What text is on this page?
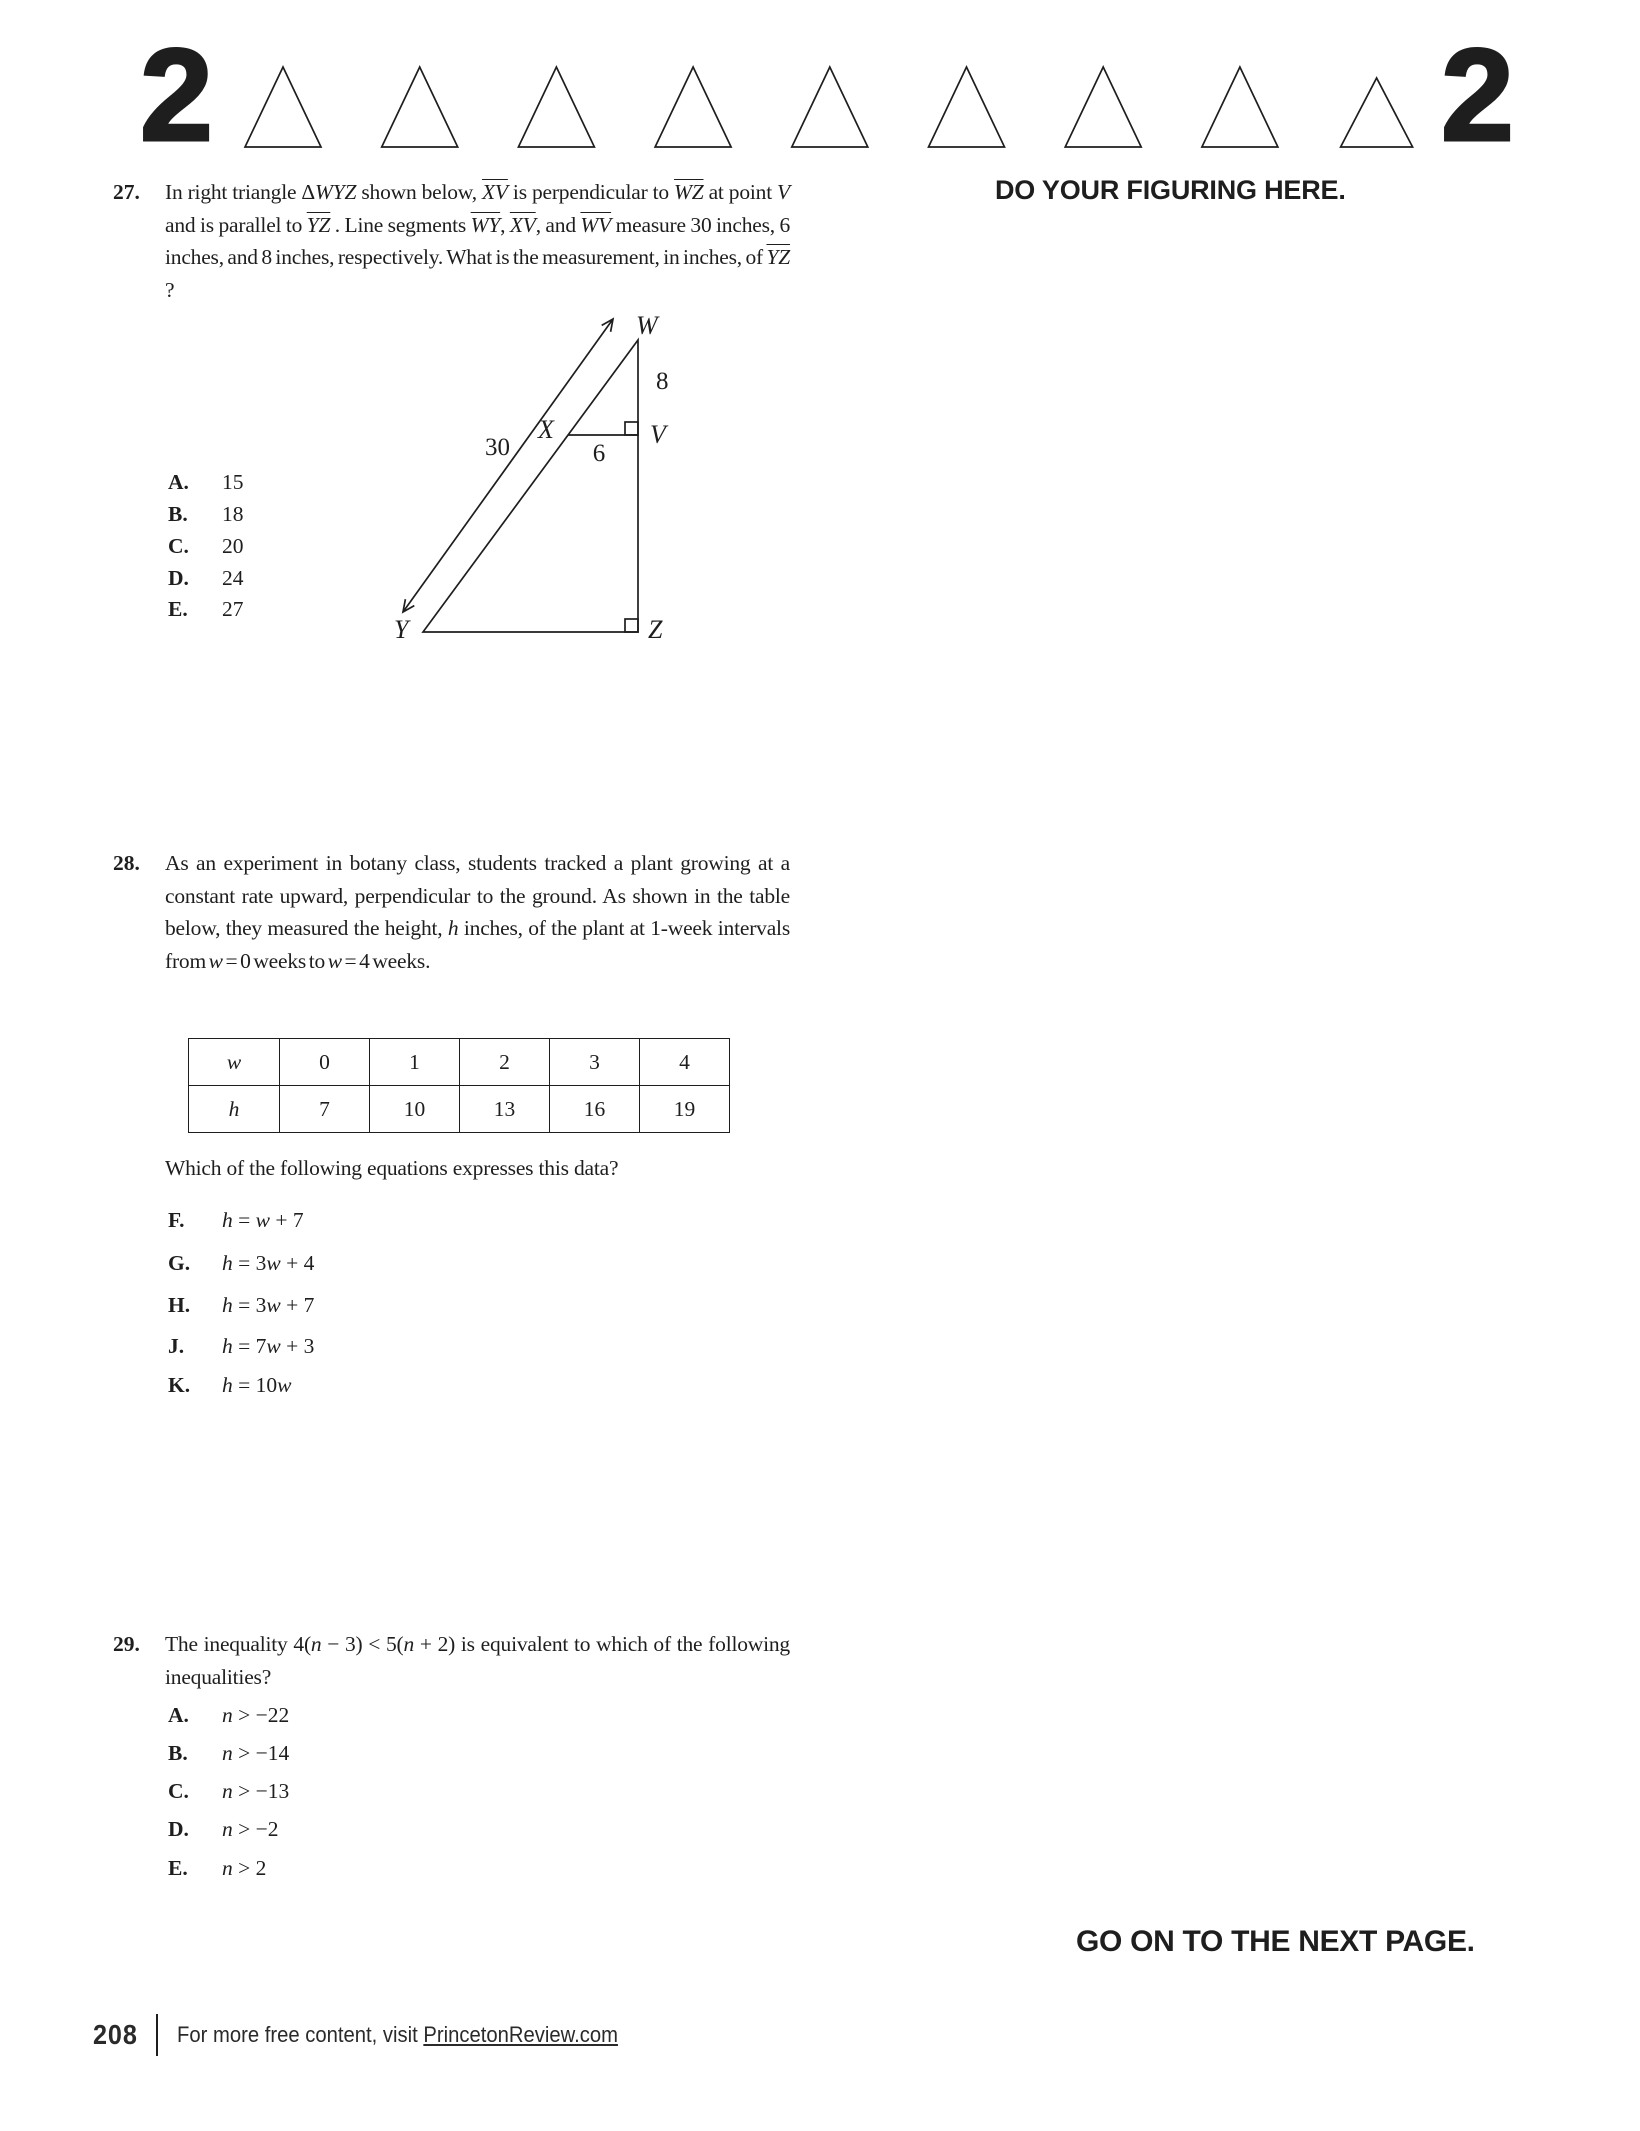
2	2
DO YOUR FIGURING HERE.
27.	In right triangle ΔWYZ shown below, $\overline{XV}$ is perpendicular to $\overline{WZ}$ at point V and is parallel to $\overline{YZ}$ . Line segments $\overline{WY}$, $\overline{XV}$, and $\overline{WV}$ measure 30 inches, 6 inches, and 8 inches, respectively. What is the measurement, in inches, of $\overline{YZ}$ ?
W
8
V
X
6
30
Y	Z
A. 15
B. 18
C. 20
D. 24
E. 27
28.	As an experiment in botany class, students tracked a plant growing at a constant rate upward, perpendicular to the ground. As shown in the table below, they measured the height, h inches, of the plant at 1-week intervals from w = 0 weeks to w = 4 weeks.
w	0	1	2	3	4
h	7	10	13	16	19
Which of the following equations expresses this data?
F. h = w + 7
G. h = 3w + 4
H. h = 3w + 7
J. h = 7w + 3
K. h = 10w
29.	The inequality 4(n − 3) < 5(n + 2) is equivalent to which of the following inequalities?
A. n > −22
B. n > −14
C. n > −13
D. n > −2
E. n > 2
GO ON TO THE NEXT PAGE.
208 For more free content, visit PrincetonReview.com
